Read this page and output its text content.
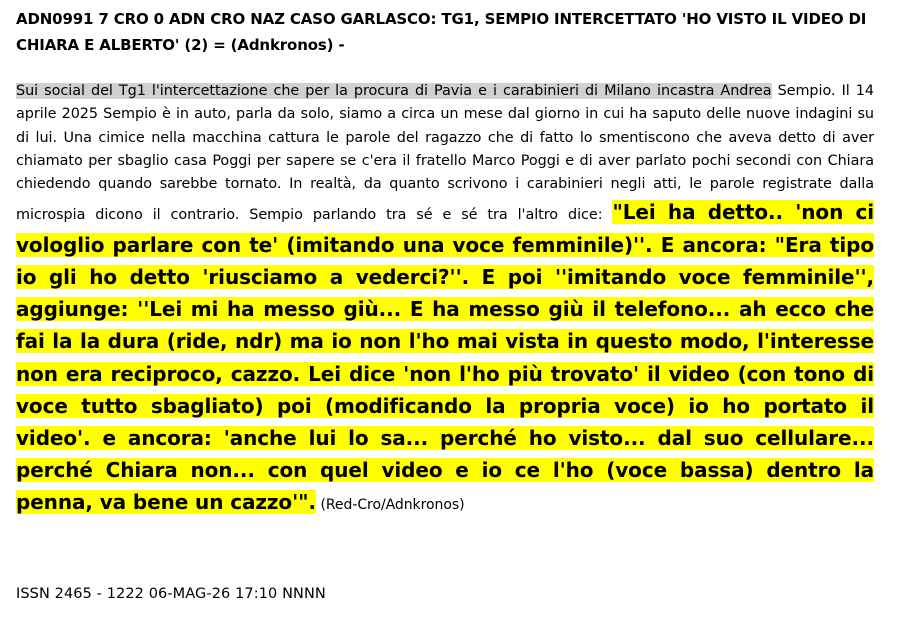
ADN0991 7 CRO 0 ADN CRO NAZ CASO GARLASCO: TG1, SEMPIO INTERCETTATO 'HO VISTO IL VIDEO DI CHIARA E ALBERTO' (2) = (Adnkronos) -
Sui social del Tg1 l'intercettazione che per la procura di Pavia e i carabinieri di Milano incastra Andrea Sempio. Il 14 aprile 2025 Sempio è in auto, parla da solo, siamo a circa un mese dal giorno in cui ha saputo delle nuove indagini su di lui. Una cimice nella macchina cattura le parole del ragazzo che di fatto lo smentiscono che aveva detto di aver chiamato per sbaglio casa Poggi per sapere se c'era il fratello Marco Poggi e di aver parlato pochi secondi con Chiara chiedendo quando sarebbe tornato. In realtà, da quanto scrivono i carabinieri negli atti, le parole registrate dalla microspia dicono il contrario. Sempio parlando tra sé e sé tra l'altro dice: "Lei ha detto.. 'non ci vologlio parlare con te' (imitando una voce femminile)''. E ancora: "Era tipo io gli ho detto 'riusciamo a vederci?''. E poi ''imitando voce femminile'', aggiunge: ''Lei mi ha messo giù... E ha messo giù il telefono... ah ecco che fai la la dura (ride, ndr) ma io non l'ho mai vista in questo modo, l'interesse non era reciproco, cazzo. Lei dice 'non l'ho più trovato' il video (con tono di voce tutto sbagliato) poi (modificando la propria voce) io ho portato il video'. e ancora: 'anche lui lo sa... perché ho visto... dal suo cellulare... perché Chiara non... con quel video e io ce l'ho (voce bassa) dentro la penna, va bene un cazzo'". (Red-Cro/Adnkronos)
ISSN 2465 - 1222 06-MAG-26 17:10 NNNN
